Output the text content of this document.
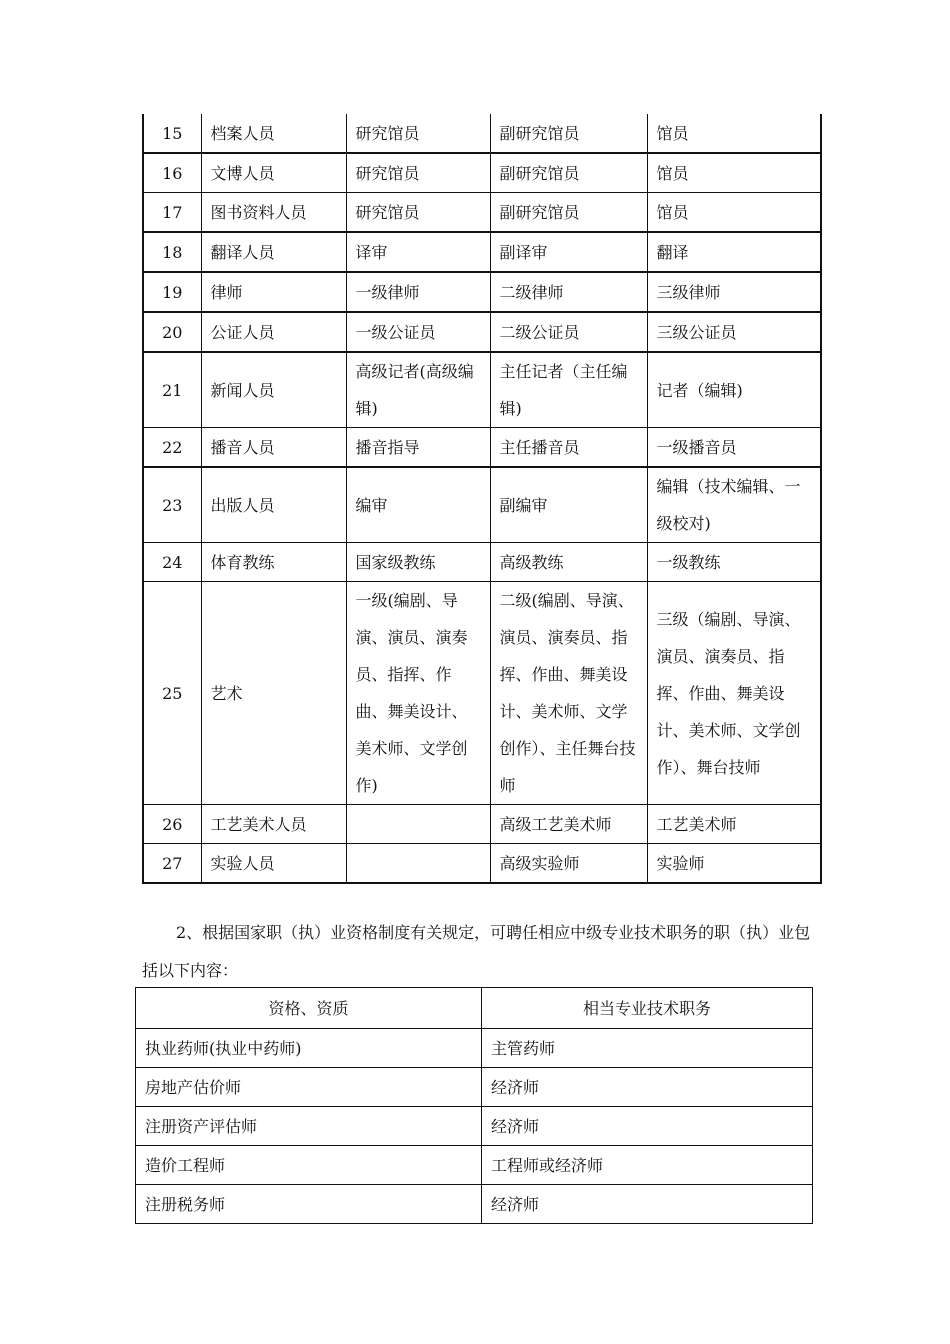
15	档案人员	研究馆员	副研究馆员	馆员
16	文博人员	研究馆员	副研究馆员	馆员
17	图书资料人员	研究馆员	副研究馆员	馆员
18	翻译人员	译审	副译审	翻译
19	律师	一级律师	二级律师	三级律师
20	公证人员	一级公证员	二级公证员	三级公证员
21	新闻人员	高级记者(高级编辑)	主任记者（主任编辑)	记者（编辑)
22	播音人员	播音指导	主任播音员	一级播音员
23	出版人员	编审	副编审	编辑（技术编辑、一级校对)
24	体育教练	国家级教练	高级教练	一级教练
25	艺术	一级(编剧、导演、演员、演奏员、指挥、作曲、舞美设计、美术师、文学创作)	二级(编剧、导演、演员、演奏员、指挥、作曲、舞美设计、美术师、文学创作）、主任舞台技师	三级（编剧、导演、演员、演奏员、指挥、作曲、舞美设计、美术师、文学创作）、舞台技师
26	工艺美术人员		高级工艺美术师	工艺美术师
27	实验人员		高级实验师	实验师

2、根据国家职（执）业资格制度有关规定，可聘任相应中级专业技术职务的职（执）业包括以下内容：

资格、资质	相当专业技术职务
执业药师(执业中药师)	主管药师
房地产估价师	经济师
注册资产评估师	经济师
造价工程师	工程师或经济师
注册税务师	经济师
